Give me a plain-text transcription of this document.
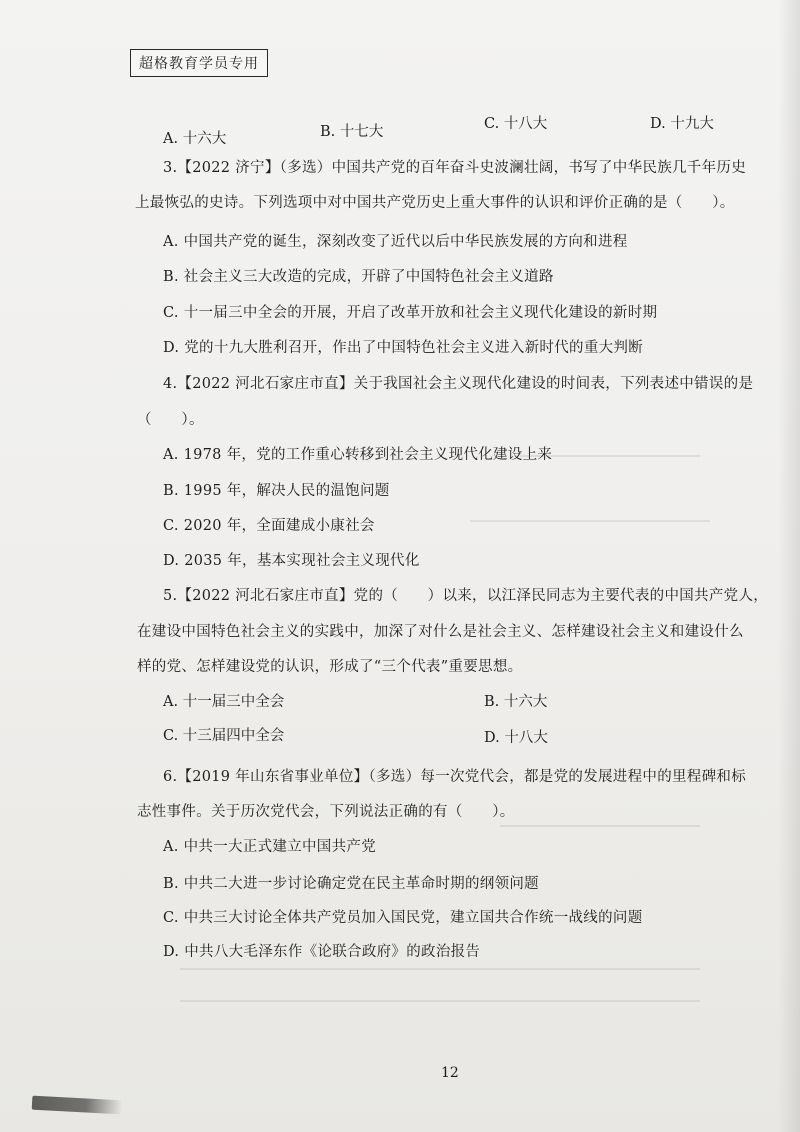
超格教育学员专用
A. 十六大	B. 十七大	C. 十八大	D. 十九大
3.【2022 济宁】（多选）中国共产党的百年奋斗史波澜壮阔，书写了中华民族几千年历史
上最恢弘的史诗。下列选项中对中国共产党历史上重大事件的认识和评价正确的是（　　）。
A. 中国共产党的诞生，深刻改变了近代以后中华民族发展的方向和进程
B. 社会主义三大改造的完成，开辟了中国特色社会主义道路
C. 十一届三中全会的开展，开启了改革开放和社会主义现代化建设的新时期
D. 党的十九大胜利召开，作出了中国特色社会主义进入新时代的重大判断
4.【2022 河北石家庄市直】关于我国社会主义现代化建设的时间表，下列表述中错误的是
（　　）。
A. 1978 年，党的工作重心转移到社会主义现代化建设上来
B. 1995 年，解决人民的温饱问题
C. 2020 年，全面建成小康社会
D. 2035 年，基本实现社会主义现代化
5.【2022 河北石家庄市直】党的（　　）以来，以江泽民同志为主要代表的中国共产党人，
在建设中国特色社会主义的实践中，加深了对什么是社会主义、怎样建设社会主义和建设什么
样的党、怎样建设党的认识，形成了“三个代表”重要思想。
A. 十一届三中全会	B. 十六大
C. 十三届四中全会	D. 十八大
6.【2019 年山东省事业单位】（多选）每一次党代会，都是党的发展进程中的里程碑和标
志性事件。关于历次党代会，下列说法正确的有（　　）。
A. 中共一大正式建立中国共产党
B. 中共二大进一步讨论确定党在民主革命时期的纲领问题
C. 中共三大讨论全体共产党员加入国民党，建立国共合作统一战线的问题
D. 中共八大毛泽东作《论联合政府》的政治报告
12
